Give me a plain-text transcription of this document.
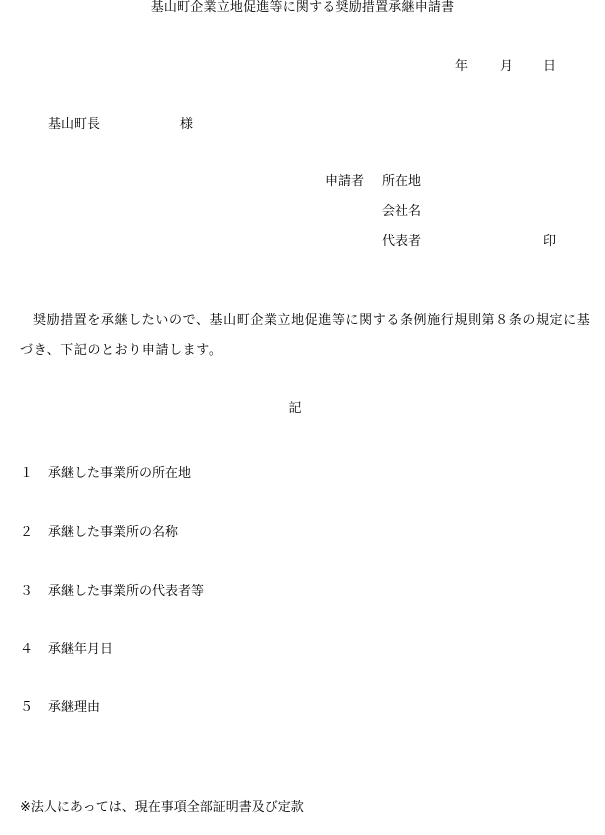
基山町企業立地促進等に関する奨励措置承継申請書
年 月 日
基山町長	様
申請者 所在地
会社名
代表者	印
奨励措置を承継したいので、基山町企業立地促進等に関する条例施行規則第８条の規定に基づき、下記のとおり申請します。
記
１ 承継した事業所の所在地
２ 承継した事業所の名称
３ 承継した事業所の代表者等
４ 承継年月日
５ 承継理由
※法人にあっては、現在事項全部証明書及び定款
